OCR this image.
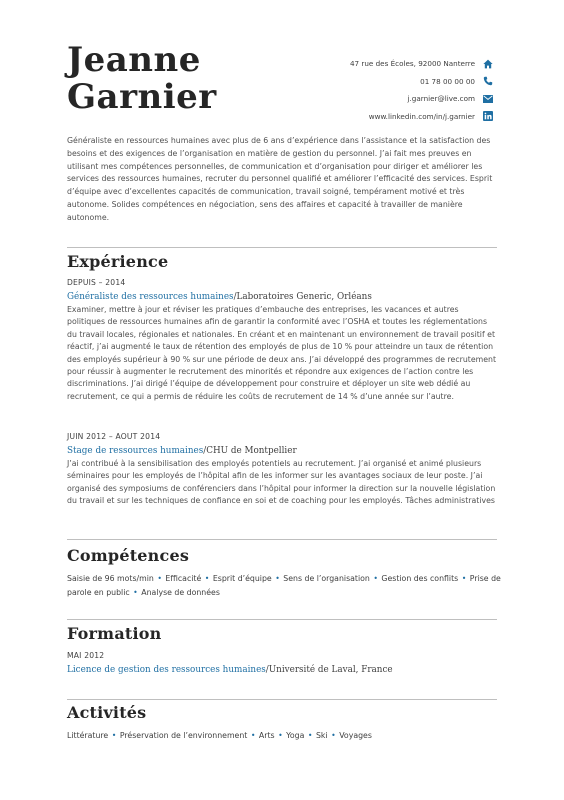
Jeanne
Garnier
47 rue des Écoles, 92000 Nanterre
01 78 00 00 00
j.garnier@live.com
www.linkedin.com/in/j.garnier

Généraliste en ressources humaines avec plus de 6 ans d’expérience dans l’assistance et la satisfaction des besoins et des exigences de l’organisation en matière de gestion du personnel. J’ai fait mes preuves en utilisant mes compétences personnelles, de communication et d’organisation pour diriger et améliorer les services des ressources humaines, recruter du personnel qualifié et améliorer l’efficacité des services. Esprit d’équipe avec d’excellentes capacités de communication, travail soigné, tempérament motivé et très autonome. Solides compétences en négociation, sens des affaires et capacité à travailler de manière autonome.

Expérience
DEPUIS – 2014
Généraliste des ressources humaines/Laboratoires Generic, Orléans

Examiner, mettre à jour et réviser les pratiques d’embauche des entreprises, les vacances et autres politiques de ressources humaines afin de garantir la conformité avec l’OSHA et toutes les réglementations du travail locales, régionales et nationales. En créant et en maintenant un environnement de travail positif et réactif, j’ai augmenté le taux de rétention des employés de plus de 10 % pour atteindre un taux de rétention des employés supérieur à 90 % sur une période de deux ans. J’ai développé des programmes de recrutement pour réussir à augmenter le recrutement des minorités et répondre aux exigences de l’action contre les discriminations. J’ai dirigé l’équipe de développement pour construire et déployer un site web dédié au recrutement, ce qui a permis de réduire les coûts de recrutement de 14 % d’une année sur l’autre.

JUIN 2012 – AOUT 2014
Stage de ressources humaines/CHU de Montpellier

J’ai contribué à la sensibilisation des employés potentiels au recrutement. J’ai organisé et animé plusieurs séminaires pour les employés de l’hôpital afin de les informer sur les avantages sociaux de leur poste. J’ai organisé des symposiums de conférenciers dans l’hôpital pour informer la direction sur la nouvelle législation du travail et sur les techniques de confiance en soi et de coaching pour les employés. Tâches administratives

Compétences

Saisie de 96 mots/min • Efficacité • Esprit d’équipe • Sens de l’organisation • Gestion des conflits • Prise de parole en public • Analyse de données

Formation
MAI 2012
Licence de gestion des ressources humaines/Université de Laval, France
Activités

Littérature • Préservation de l’environnement • Arts • Yoga • Ski • Voyages
